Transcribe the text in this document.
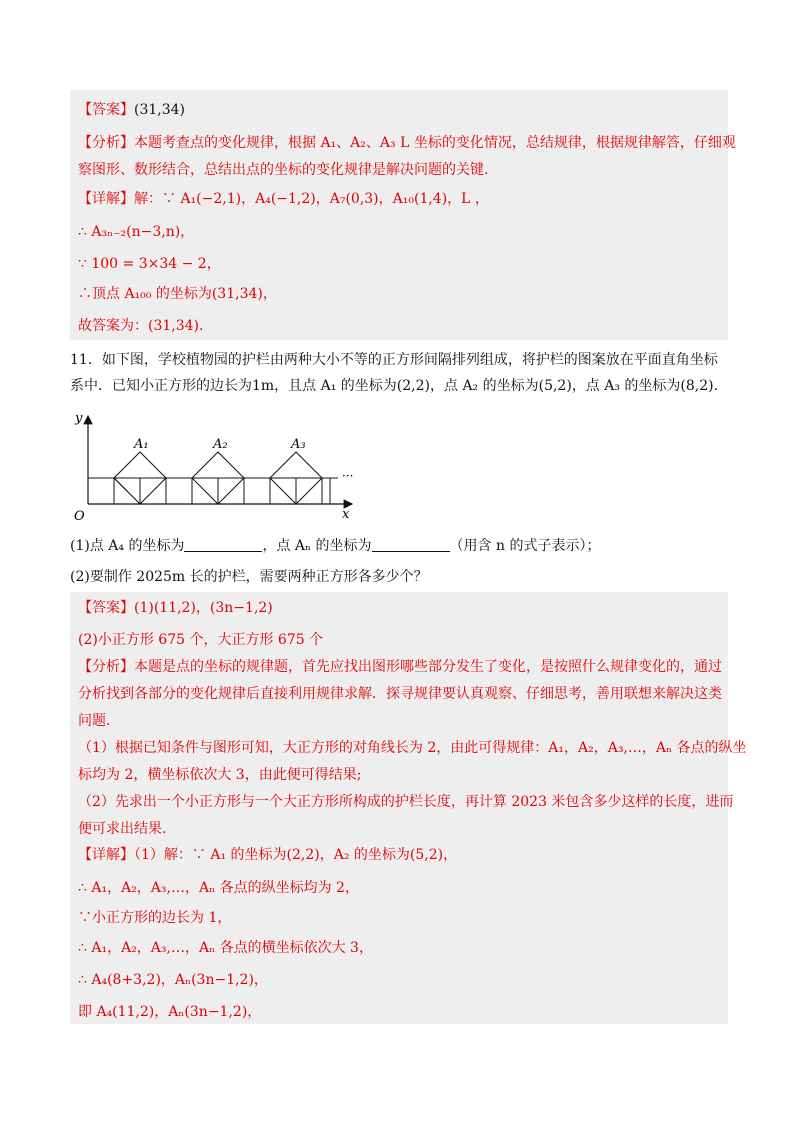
【答案】(31,34)
【分析】本题考查点的变化规律，根据 A₁、A₂、A₃ L 坐标的变化情况，总结规律，根据规律解答，仔细观
察图形、数形结合，总结出点的坐标的变化规律是解决问题的关键.
【详解】解：∵ A₁(−2,1)，A₄(−1,2)，A₇(0,3)，A₁₀(1,4)，L ，
∴ A₃ₙ₋₂(n−3,n)，
∵ 100 = 3×34 − 2，
∴顶点 A₁₀₀ 的坐标为(31,34)，
故答案为：(31,34).
11．如下图，学校植物园的护栏由两种大小不等的正方形间隔排列组成，将护栏的图案放在平面直角坐标
系中．已知小正方形的边长为1m，且点 A₁ 的坐标为(2,2)，点 A₂ 的坐标为(5,2)，点 A₃ 的坐标为(8,2).
y
x
O
A₁	A₂	A₃
···
(1)点 A₄ 的坐标为	，点 Aₙ 的坐标为	（用含 n 的式子表示）；
(2)要制作 2025m 长的护栏，需要两种正方形各多少个？
【答案】(1)(11,2)，(3n−1,2)
(2)小正方形 675 个，大正方形 675 个
【分析】本题是点的坐标的规律题，首先应找出图形哪些部分发生了变化，是按照什么规律变化的，通过
分析找到各部分的变化规律后直接利用规律求解．探寻规律要认真观察、仔细思考，善用联想来解决这类
问题.
（1）根据已知条件与图形可知，大正方形的对角线长为 2，由此可得规律：A₁，A₂，A₃,…，Aₙ 各点的纵坐
标均为 2，横坐标依次大 3，由此便可得结果;
（2）先求出一个小正方形与一个大正方形所构成的护栏长度，再计算 2023 米包含多少这样的长度，进而
便可求出结果.
【详解】（1）解：∵ A₁ 的坐标为(2,2)，A₂ 的坐标为(5,2)，
∴ A₁，A₂，A₃,…，Aₙ 各点的纵坐标均为 2，
∵小正方形的边长为 1，
∴ A₁，A₂，A₃,…，Aₙ 各点的横坐标依次大 3，
∴ A₄(8+3,2)，Aₙ(3n−1,2)，
即 A₄(11,2)，Aₙ(3n−1,2)，
